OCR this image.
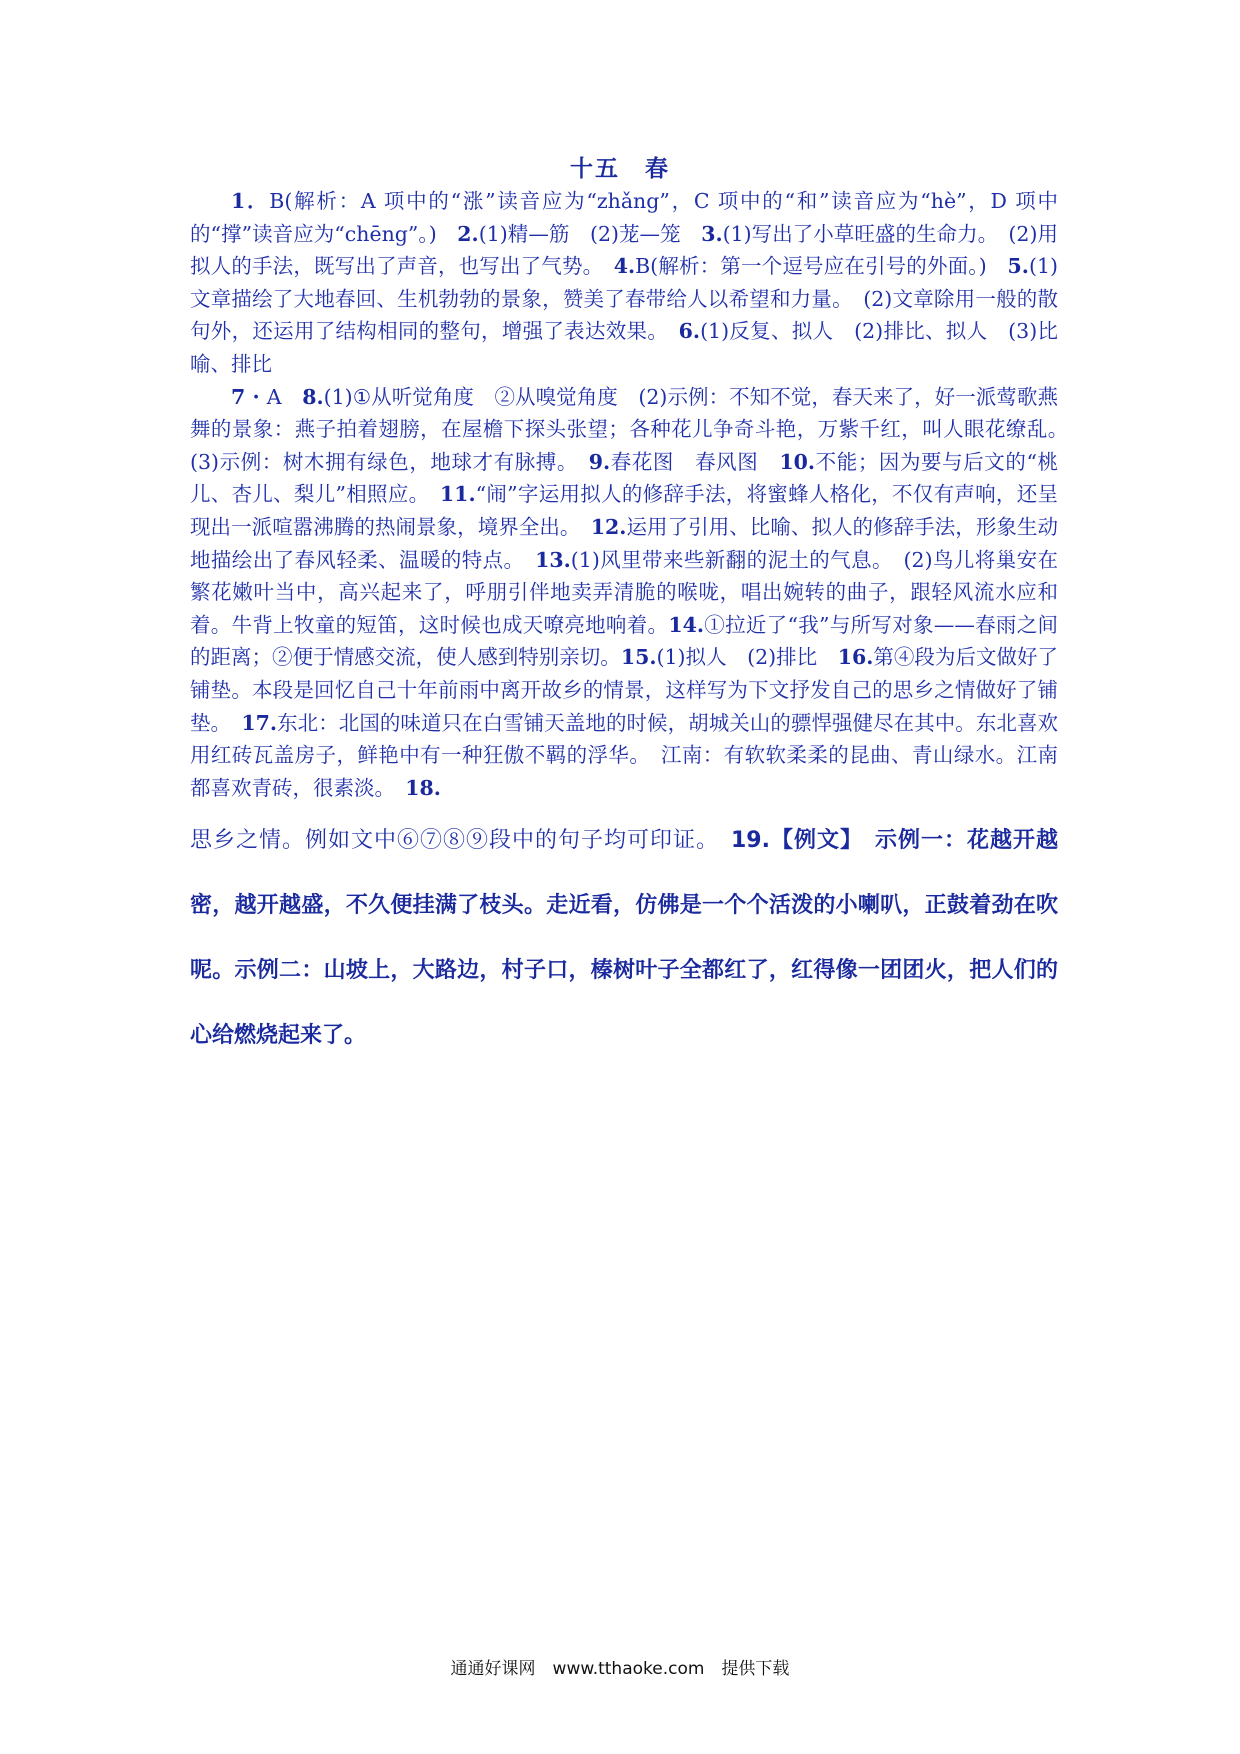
十五　春

1．B(解析：A 项中的“涨”读音应为“zhǎng”，C 项中的“和”读音应为“hè”，D 项中的“撑”读音应为“chēng”。)　2.(1)精—筋　(2)茏—笼　3.(1)写出了小草旺盛的生命力。　(2)用拟人的手法，既写出了声音，也写出了气势。　4.B(解析：第一个逗号应在引号的外面。)　5.(1)文章描绘了大地春回、生机勃勃的景象，赞美了春带给人以希望和力量。　(2)文章除用一般的散句外，还运用了结构相同的整句，增强了表达效果。　6.(1)反复、拟人　(2)排比、拟人　(3)比喻、排比

7 · A　8.(1)①从听觉角度　②从嗅觉角度　(2)示例：不知不觉，春天来了，好一派莺歌燕舞的景象：燕子拍着翅膀，在屋檐下探头张望；各种花儿争奇斗艳，万紫千红，叫人眼花缭乱。　(3)示例：树木拥有绿色，地球才有脉搏。　9.春花图　春风图　10.不能；因为要与后文的“桃儿、杏儿、梨儿”相照应。　11.“闹”字运用拟人的修辞手法，将蜜蜂人格化，不仅有声响，还呈现出一派喧嚣沸腾的热闹景象，境界全出。　12.运用了引用、比喻、拟人的修辞手法，形象生动地描绘出了春风轻柔、温暖的特点。　13.(1)风里带来些新翻的泥土的气息。　(2)鸟儿将巢安在繁花嫩叶当中，高兴起来了，呼朋引伴地卖弄清脆的喉咙，唱出婉转的曲子，跟轻风流水应和着。牛背上牧童的短笛，这时候也成天嘹亮地响着。14.①拉近了“我”与所写对象——春雨之间的距离；②便于情感交流，使人感到特别亲切。15.(1)拟人　(2)排比　16.第④段为后文做好了铺垫。本段是回忆自己十年前雨中离开故乡的情景，这样写为下文抒发自己的思乡之情做好了铺垫。　17.东北：北国的味道只在白雪铺天盖地的时候，胡城关山的骠悍强健尽在其中。东北喜欢用红砖瓦盖房子，鲜艳中有一种狂傲不羁的浮华。　江南：有软软柔柔的昆曲、青山绿水。江南都喜欢青砖，很素淡。　18.

思乡之情。例如文中⑥⑦⑧⑨段中的句子均可印证。　19.【例文】　示例一：花越开越密，越开越盛，不久便挂满了枝头。走近看，仿佛是一个个活泼的小喇叭，正鼓着劲在吹呢。示例二：山坡上，大路边，村子口，榛树叶子全都红了，红得像一团团火，把人们的心给燃烧起来了。
通通好课网　www.tthaoke.com　提供下载
